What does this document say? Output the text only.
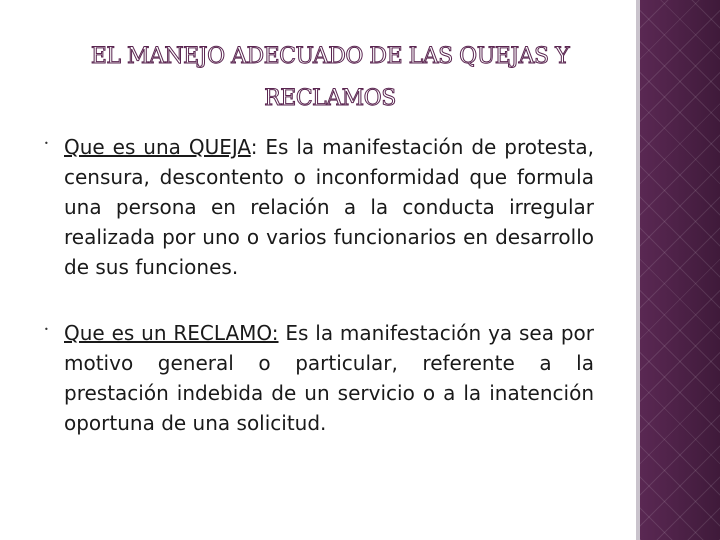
EL MANEJO ADECUADO DE LAS QUEJAS Y
RECLAMOS
• Que es una QUEJA: Es la manifestación de protesta, censura, descontento o inconformidad que formula una persona en relación a la conducta irregular realizada por uno o varios funcionarios en desarrollo de sus funciones.
• Que es un RECLAMO: Es la manifestación ya sea por motivo general o particular, referente a la prestación indebida de un servicio o a la inatención oportuna de una solicitud.
